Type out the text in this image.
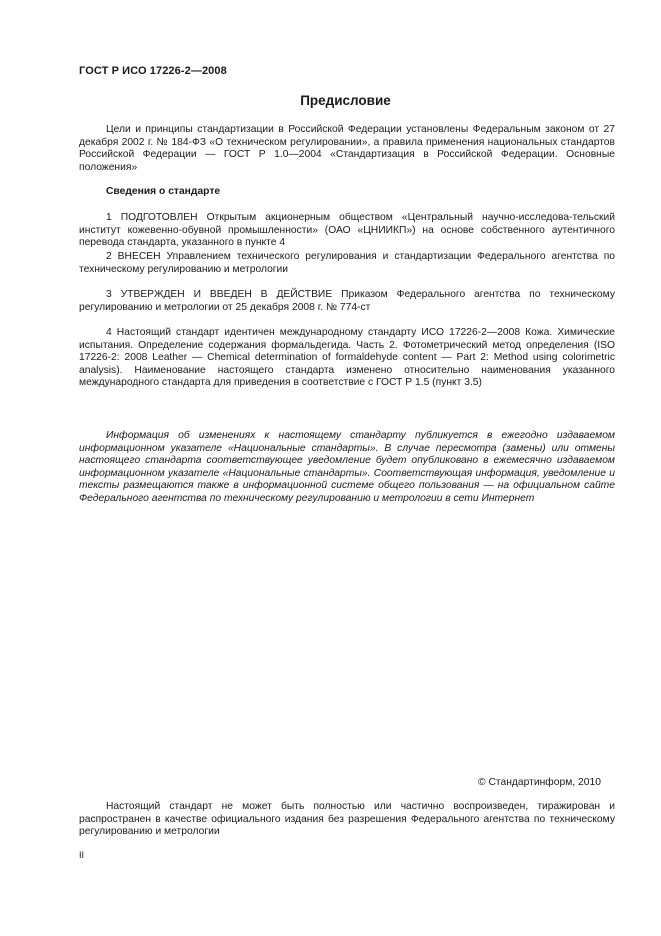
ГОСТ Р ИСО 17226-2—2008
Предисловие

Цели и принципы стандартизации в Российской Федерации установлены Федеральным законом от 27 декабря 2002 г. № 184-ФЗ «О техническом регулировании», а правила применения национальных стандартов Российской Федерации — ГОСТ Р 1.0—2004 «Стандартизация в Российской Федерации. Основные положения»

Сведения о стандарте

1 ПОДГОТОВЛЕН Открытым акционерным обществом «Центральный научно-исследова-тельский институт кожевенно-обувной промышленности» (ОАО «ЦНИИКП») на основе собственного аутентичного перевода стандарта, указанного в пункте 4

2 ВНЕСЕН Управлением технического регулирования и стандартизации Федерального агентства по техническому регулированию и метрологии

3 УТВЕРЖДЕН И ВВЕДЕН В ДЕЙСТВИЕ Приказом Федерального агентства по техническому регулированию и метрологии от 25 декабря 2008 г. № 774-ст

4 Настоящий стандарт идентичен международному стандарту ИСО 17226-2—2008 Кожа. Химические испытания. Определение содержания формальдегида. Часть 2. Фотометрический метод определения (ISO 17226-2: 2008 Leather — Chemical determination of formaldehyde content — Part 2: Method using colorimetric analysis). Наименование настоящего стандарта изменено относительно наименования указанного международного стандарта для приведения в соответствие с ГОСТ Р 1.5 (пункт 3.5)

Информация об изменениях к настоящему стандарту публикуется в ежегодно издаваемом информационном указателе «Национальные стандарты». В случае пересмотра (замены) или отмены настоящего стандарта соответствующее уведомление будет опубликовано в ежемесячно издаваемом информационном указателе «Национальные стандарты». Соответствующая информация, уведомление и тексты размещаются также в информационной системе общего пользования — на официальном сайте Федерального агентства по техническому регулированию и метрологии в сети Интернет

© Стандартинформ, 2010

Настоящий стандарт не может быть полностью или частично воспроизведен, тиражирован и распространен в качестве официального издания без разрешения Федерального агентства по техническому регулированию и метрологии

II
